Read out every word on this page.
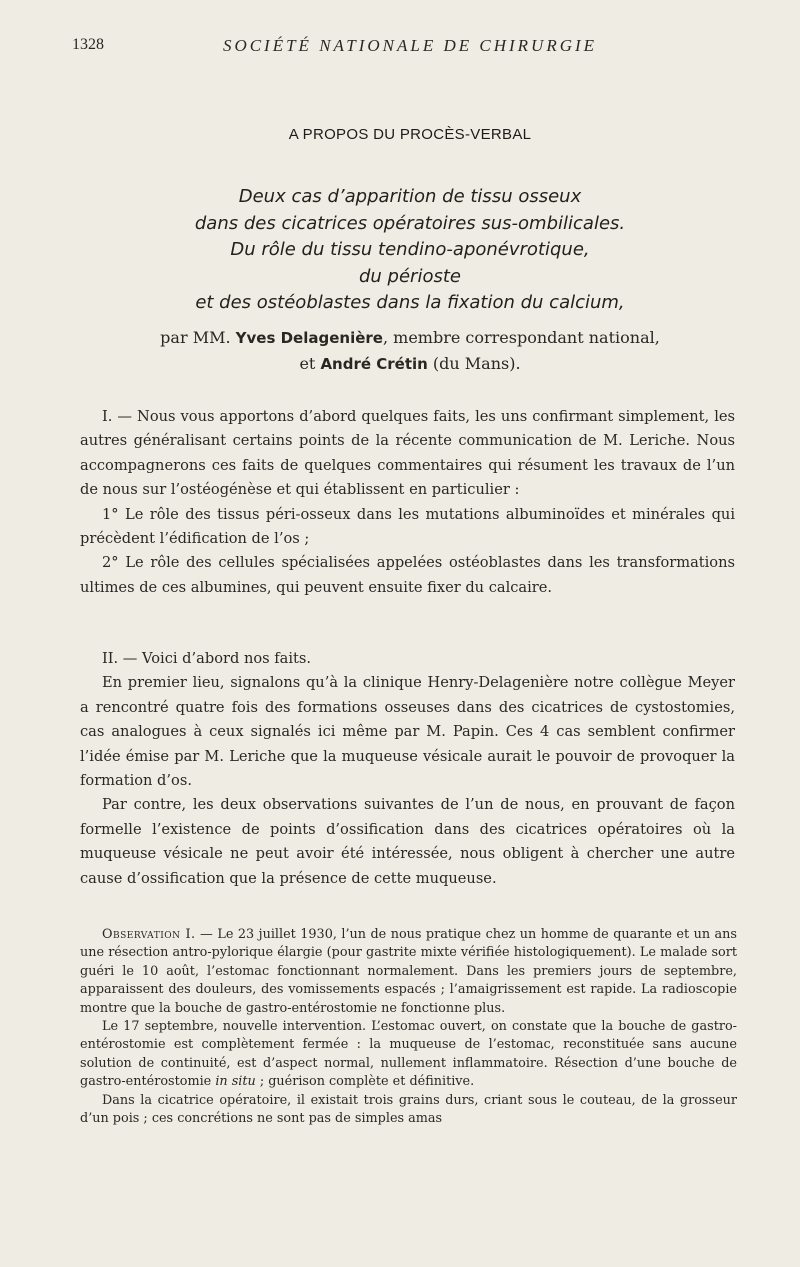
1328	SOCIÉTÉ NATIONALE DE CHIRURGIE
A PROPOS DU PROCÈS-VERBAL
Deux cas d’apparition de tissu osseux
dans des cicatrices opératoires sus-ombilicales.
Du rôle du tissu tendino-aponévrotique,
du périoste
et des ostéoblastes dans la fixation du calcium,
par MM. Yves Delagenière, membre correspondant national,
et André Crétin (du Mans).

I. — Nous vous apportons d’abord quelques faits, les uns confirmant simplement, les autres généralisant certains points de la récente communication de M. Leriche. Nous accompagnerons ces faits de quelques commentaires qui résument les travaux de l’un de nous sur l’ostéogénèse et qui établissent en particulier :

1° Le rôle des tissus péri-osseux dans les mutations albuminoïdes et minérales qui précèdent l’édification de l’os ;

2° Le rôle des cellules spécialisées appelées ostéoblastes dans les transformations ultimes de ces albumines, qui peuvent ensuite fixer du calcaire.

II. — Voici d’abord nos faits.

En premier lieu, signalons qu’à la clinique Henry-Delagenière notre collègue Meyer a rencontré quatre fois des formations osseuses dans des cicatrices de cystostomies, cas analogues à ceux signalés ici même par M. Papin. Ces 4 cas semblent confirmer l’idée émise par M. Leriche que la muqueuse vésicale aurait le pouvoir de provoquer la formation d’os.

Par contre, les deux observations suivantes de l’un de nous, en prouvant de façon formelle l’existence de points d’ossification dans des cicatrices opératoires où la muqueuse vésicale ne peut avoir été intéressée, nous obligent à chercher une autre cause d’ossification que la présence de cette muqueuse.

Observation I. — Le 23 juillet 1930, l’un de nous pratique chez un homme de quarante et un ans une résection antro-pylorique élargie (pour gastrite mixte vérifiée histologiquement). Le malade sort guéri le 10 août, l’estomac fonctionnant normalement. Dans les premiers jours de septembre, apparaissent des douleurs, des vomissements espacés ; l’amaigrissement est rapide. La radioscopie montre que la bouche de gastro-entérostomie ne fonctionne plus.

Le 17 septembre, nouvelle intervention. L’estomac ouvert, on constate que la bouche de gastro-entérostomie est complètement fermée : la muqueuse de l’estomac, reconstituée sans aucune solution de continuité, est d’aspect normal, nullement inflammatoire. Résection d’une bouche de gastro-entérostomie in situ ; guérison complète et définitive.

Dans la cicatrice opératoire, il existait trois grains durs, criant sous le couteau, de la grosseur d’un pois ; ces concrétions ne sont pas de simples amas
